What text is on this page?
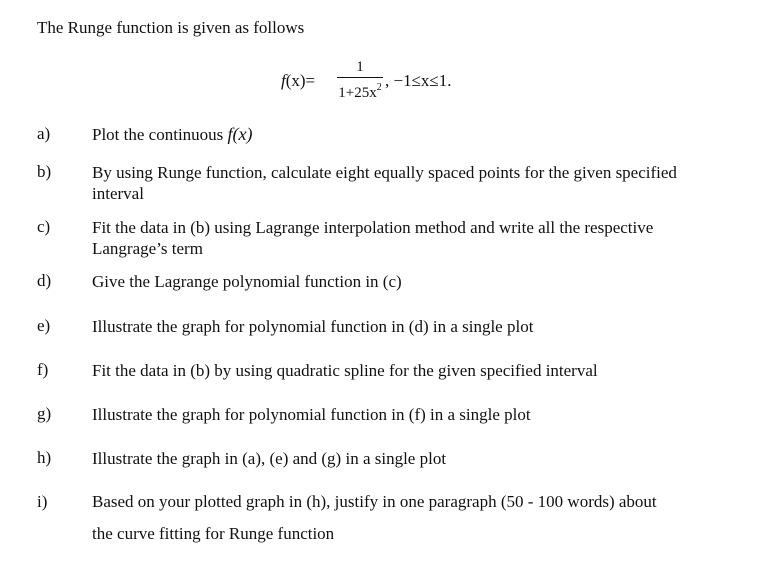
The Runge function is given as follows
f(x)=
1
$1+25x^2$ , −1≤x≤1.
a)	Plot the continuous f(x)
b)	By using Runge function, calculate eight equally spaced points for the given specified
interval
c)	Fit the data in (b) using Lagrange interpolation method and write all the respective
Langrage’s term
d)	Give the Lagrange polynomial function in (c)
e)	Illustrate the graph for polynomial function in (d) in a single plot
f)	Fit the data in (b) by using quadratic spline for the given specified interval
g)	Illustrate the graph for polynomial function in (f) in a single plot
h)	Illustrate the graph in (a), (e) and (g) in a single plot
i)	Based on your plotted graph in (h), justify in one paragraph (50 - 100 words) about
the curve fitting for Runge function
